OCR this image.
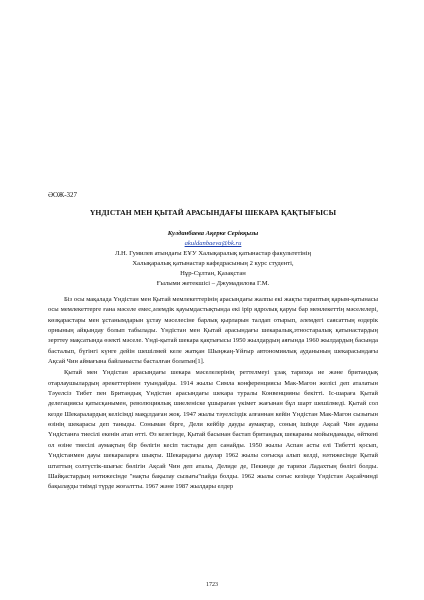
ӘОЖ-327
ҮНДІСТАН МЕН ҚЫТАЙ АРАСЫНДАҒЫ ШЕКАРА ҚАҚТЫҒЫСЫ
Кулданбаева Ақерке Серікқызы
akuldanbaeva@bk.ru
Л.Н. Гумилев атындағы ЕҰУ Халықаралық қатынастар факультетінің
Халықаралық қатынастар кафедрасының 2 курс студенті,
Нұр-Сұлтан, Қазақстан
Ғылыми жетекшісі – Джумадилова Г.М.

Біз осы мақалада Үндістан мен Қытай мемлекеттерінің арасындағы жалпы екі жақты тараптың қарым-қатынасы осы мемлекеттерге ғана мәселе емес,әлемдік қауымдастықтында екі ірір ядролық қаруы бар мемлекеттің мәселелері, көзқарастары мен ұстанымдарын ұстау мәселесіне барлық қырларын талдап отырып, әлемдегі саясаттың өздерік орнының айқындау болып табылады. Үндістан мен Қытай арасындағы шекаралық,этностаралық қатынастардың зерттеу мақсатында өзекті мәселе. Үнді-қытай шекара қақтығысы 1950 жылдардың аяғында 1960 жылдардың басында басталып, бүгінгі күнге дейін шешілмей келе жатқан Шыңжаң-Ұйғыр автономиялық ауданының шекарасындағы Ақсай Чин аймағына байланысты басталған болатын[1].

Қытай мен Үндістан арасындағы шекара мәселелерінің реттелмеуі ұзақ тарихқа ие және британдық отарлаушылардың әрекеттерінен туындайды. 1914 жылы Симла конференциясы Мак-Магон желісі деп аталатын Тәуелсіз Тибет пен Британдық Үндістан арасындағы шекара туралы Конвенцияны бекітті. Іс-шараға Қытай делегациясы қатысқанымен, революциялық шиеленіске ұшыраған үкімет жағынан бұл шарт шешілмеді. Қытай сол кезде Шекаралардың келісімді мақұлдаған жоқ. 1947 жылы тәуелсіздік алғаннан кейін Үндістан Мак-Магон сызығын өзінің шекарасы деп таныды. Соныман бірге, Дели кейбір дауды аумақтар, соның ішінде Ақсай Чин ауданы Үндістанға тиесілі екенін атап өтті. Өз кезегінде, Қытай басынан бастап британдық шекараны мойындамады, өйткені ол өзіне тиесілі аумақтың бір бөлігін кесіп тастады деп санайды. 1950 жылы Аспан асты елі Тибетті қосып, Үндістанмен дауы шекараларға шықты. Шекарадағы даулар 1962 жылы соғысқа алып келді, нәтижесінде Қытай штаттың солтүстік-шығыс бөлігін Ақсай Чин деп аталы, Делиде де, Пекинде де тарихи Ладахтың бөлігі болды. Шайқастардың нәтижесінде "нақты бақылау сызығы"пайда болды. 1962 жылы соғыс кезінде Үндістан Ақсайчиндi бақылауды тиімді түрде жоғалтты. 1967 және 1987 жылдары елдер

1723
